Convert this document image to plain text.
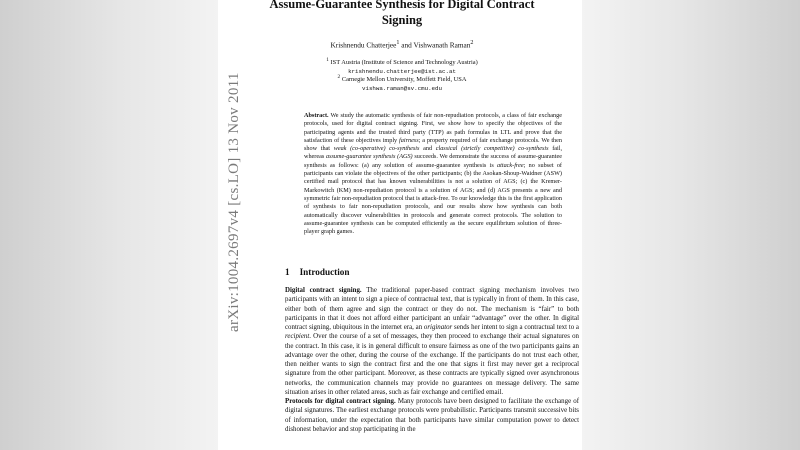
arXiv:1004.2697v4 [cs.LO] 13 Nov 2011
Assume-Guarantee Synthesis for Digital Contract Signing
Krishnendu Chatterjee$^1$ and Vishwanath Raman$^2$
$^1$ IST Austria (Institute of Science and Technology Austria)
krishnendu.chatterjee@ist.ac.at
$^2$ Carnegie Mellon University, Moffett Field, USA
vishwa.raman@sv.cmu.edu
Abstract. We study the automatic synthesis of fair non-repudiation protocols, a class of fair exchange protocols, used for digital contract signing. First, we show how to specify the objectives of the participating agents and the trusted third party (TTP) as path formulas in LTL and prove that the satisfaction of these objectives imply fairness; a property required of fair exchange protocols. We then show that weak (co-operative) co-synthesis and classical (strictly competitive) co-synthesis fail, whereas assume-guarantee synthesis (AGS) succeeds. We demonstrate the success of assume-guarantee synthesis as follows: (a) any solution of assume-guarantee synthesis is attack-free; no subset of participants can violate the objectives of the other participants; (b) the Asokan-Shoup-Waidner (ASW) certified mail protocol that has known vulnerabilities is not a solution of AGS; (c) the Kremer-Markowitch (KM) non-repudiation protocol is a solution of AGS; and (d) AGS presents a new and symmetric fair non-repudiation protocol that is attack-free. To our knowledge this is the first application of synthesis to fair non-repudiation protocols, and our results show how synthesis can both automatically discover vulnerabilities in protocols and generate correct protocols. The solution to assume-guarantee synthesis can be computed efficiently as the secure equilibrium solution of three-player graph games.
1 Introduction

Digital contract signing. The traditional paper-based contract signing mechanism involves two participants with an intent to sign a piece of contractual text, that is typically in front of them. In this case, either both of them agree and sign the contract or they do not. The mechanism is “fair” to both participants in that it does not afford either participant an unfair “advantage” over the other. In digital contract signing, ubiquitous in the internet era, an originator sends her intent to sign a contractual text to a recipient. Over the course of a set of messages, they then proceed to exchange their actual signatures on the contract. In this case, it is in general difficult to ensure fairness as one of the two participants gains an advantage over the other, during the course of the exchange. If the participants do not trust each other, then neither wants to sign the contract first and the one that signs it first may never get a reciprocal signature from the other participant. Moreover, as these contracts are typically signed over asynchronous networks, the communication channels may provide no guarantees on message delivery. The same situation arises in other related areas, such as fair exchange and certified email.

Protocols for digital contract signing. Many protocols have been designed to facilitate the exchange of digital signatures. The earliest exchange protocols were probabilistic. Participants transmit successive bits of information, under the expectation that both participants have similar computation power to detect dishonest behavior and stop participating in the
